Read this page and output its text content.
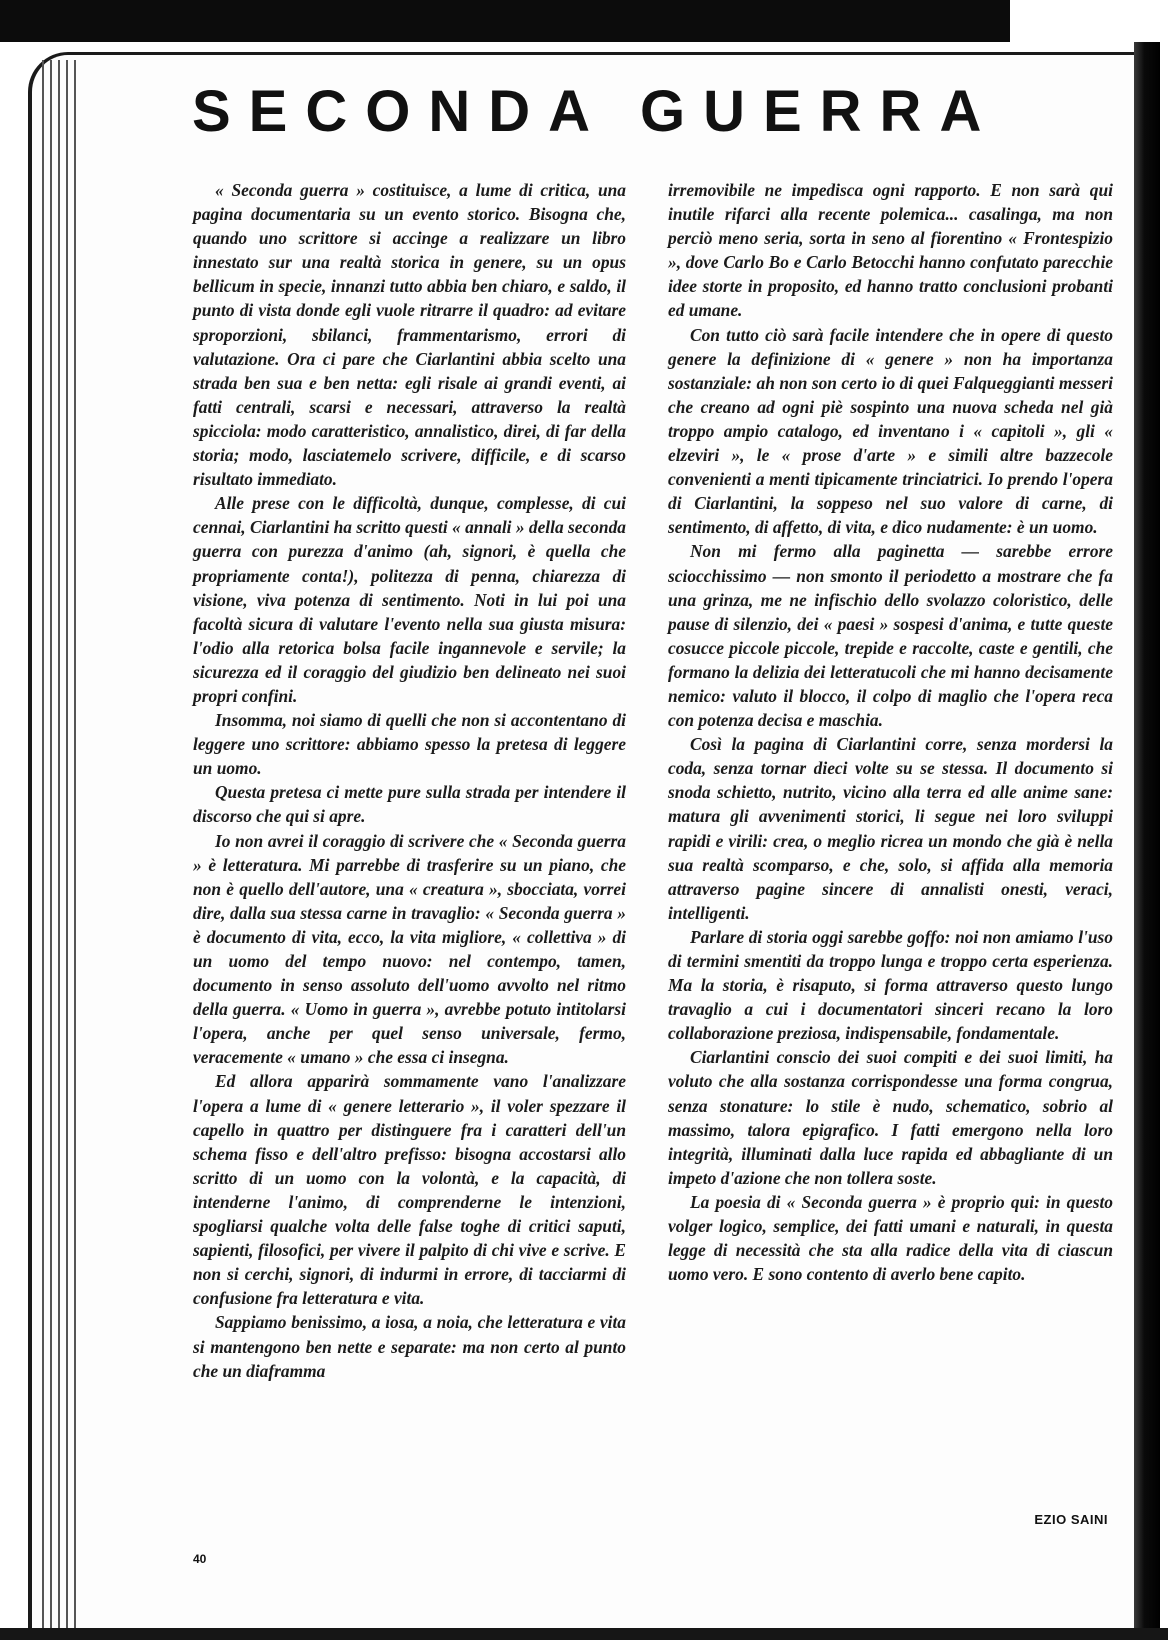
SECONDA GUERRA

« Seconda guerra » costituisce, a lume di critica, una pagina documentaria su un evento storico. Bisogna che, quando uno scrittore si accinge a realizzare un libro innestato sur una realtà storica in genere, su un opus bellicum in specie, innanzi tutto abbia ben chiaro, e saldo, il punto di vista donde egli vuole ritrarre il quadro: ad evitare sproporzioni, sbilanci, frammentarismo, errori di valutazione. Ora ci pare che Ciarlantini abbia scelto una strada ben sua e ben netta: egli risale ai grandi eventi, ai fatti centrali, scarsi e necessari, attraverso la realtà spicciola: modo caratteristico, annalistico, direi, di far della storia; modo, lasciatemelo scrivere, difficile, e di scarso risultato immediato.

Alle prese con le difficoltà, dunque, complesse, di cui cennai, Ciarlantini ha scritto questi « annali » della seconda guerra con purezza d'animo (ah, signori, è quella che propriamente conta!), politezza di penna, chiarezza di visione, viva potenza di sentimento. Noti in lui poi una facoltà sicura di valutare l'evento nella sua giusta misura: l'odio alla retorica bolsa facile ingannevole e servile; la sicurezza ed il coraggio del giudizio ben delineato nei suoi propri confini.

Insomma, noi siamo di quelli che non si accontentano di leggere uno scrittore: abbiamo spesso la pretesa di leggere un uomo.

Questa pretesa ci mette pure sulla strada per intendere il discorso che qui si apre.

Io non avrei il coraggio di scrivere che « Seconda guerra » è letteratura. Mi parrebbe di trasferire su un piano, che non è quello dell'autore, una « creatura », sbocciata, vorrei dire, dalla sua stessa carne in travaglio: « Seconda guerra » è documento di vita, ecco, la vita migliore, « collettiva » di un uomo del tempo nuovo: nel contempo, tamen, documento in senso assoluto dell'uomo avvolto nel ritmo della guerra. « Uomo in guerra », avrebbe potuto intitolarsi l'opera, anche per quel senso universale, fermo, veracemente « umano » che essa ci insegna.

Ed allora apparirà sommamente vano l'analizzare l'opera a lume di « genere letterario », il voler spezzare il capello in quattro per distinguere fra i caratteri dell'un schema fisso e dell'altro prefisso: bisogna accostarsi allo scritto di un uomo con la volontà, e la capacità, di intenderne l'animo, di comprenderne le intenzioni, spogliarsi qualche volta delle false toghe di critici saputi, sapienti, filosofici, per vivere il palpito di chi vive e scrive. E non si cerchi, signori, di indurmi in errore, di tacciarmi di confusione fra letteratura e vita.

Sappiamo benissimo, a iosa, a noia, che letteratura e vita si mantengono ben nette e separate: ma non certo al punto che un diaframma

irremovibile ne impedisca ogni rapporto. E non sarà qui inutile rifarci alla recente polemica... casalinga, ma non perciò meno seria, sorta in seno al fiorentino « Frontespizio », dove Carlo Bo e Carlo Betocchi hanno confutato parecchie idee storte in proposito, ed hanno tratto conclusioni probanti ed umane.

Con tutto ciò sarà facile intendere che in opere di questo genere la definizione di « genere » non ha importanza sostanziale: ah non son certo io di quei Falqueggianti messeri che creano ad ogni piè sospinto una nuova scheda nel già troppo ampio catalogo, ed inventano i « capitoli », gli « elzeviri », le « prose d'arte » e simili altre bazzecole convenienti a menti tipicamente trinciatrici. Io prendo l'opera di Ciarlantini, la soppeso nel suo valore di carne, di sentimento, di affetto, di vita, e dico nudamente: è un uomo.

Non mi fermo alla paginetta — sarebbe errore sciocchissimo — non smonto il periodetto a mostrare che fa una grinza, me ne infischio dello svolazzo coloristico, delle pause di silenzio, dei « paesi » sospesi d'anima, e tutte queste cosucce piccole piccole, trepide e raccolte, caste e gentili, che formano la delizia dei letteratucoli che mi hanno decisamente nemico: valuto il blocco, il colpo di maglio che l'opera reca con potenza decisa e maschia.

Così la pagina di Ciarlantini corre, senza mordersi la coda, senza tornar dieci volte su se stessa. Il documento si snoda schietto, nutrito, vicino alla terra ed alle anime sane: matura gli avvenimenti storici, li segue nei loro sviluppi rapidi e virili: crea, o meglio ricrea un mondo che già è nella sua realtà scomparso, e che, solo, si affida alla memoria attraverso pagine sincere di annalisti onesti, veraci, intelligenti.

Parlare di storia oggi sarebbe goffo: noi non amiamo l'uso di termini smentiti da troppo lunga e troppo certa esperienza. Ma la storia, è risaputo, si forma attraverso questo lungo travaglio a cui i documentatori sinceri recano la loro collaborazione preziosa, indispensabile, fondamentale.

Ciarlantini conscio dei suoi compiti e dei suoi limiti, ha voluto che alla sostanza corrispondesse una forma congrua, senza stonature: lo stile è nudo, schematico, sobrio al massimo, talora epigrafico. I fatti emergono nella loro integrità, illuminati dalla luce rapida ed abbagliante di un impeto d'azione che non tollera soste.

La poesia di « Seconda guerra » è proprio qui: in questo volger logico, semplice, dei fatti umani e naturali, in questa legge di necessità che sta alla radice della vita di ciascun uomo vero. E sono contento di averlo bene capito.

EZIO SAINI

40
